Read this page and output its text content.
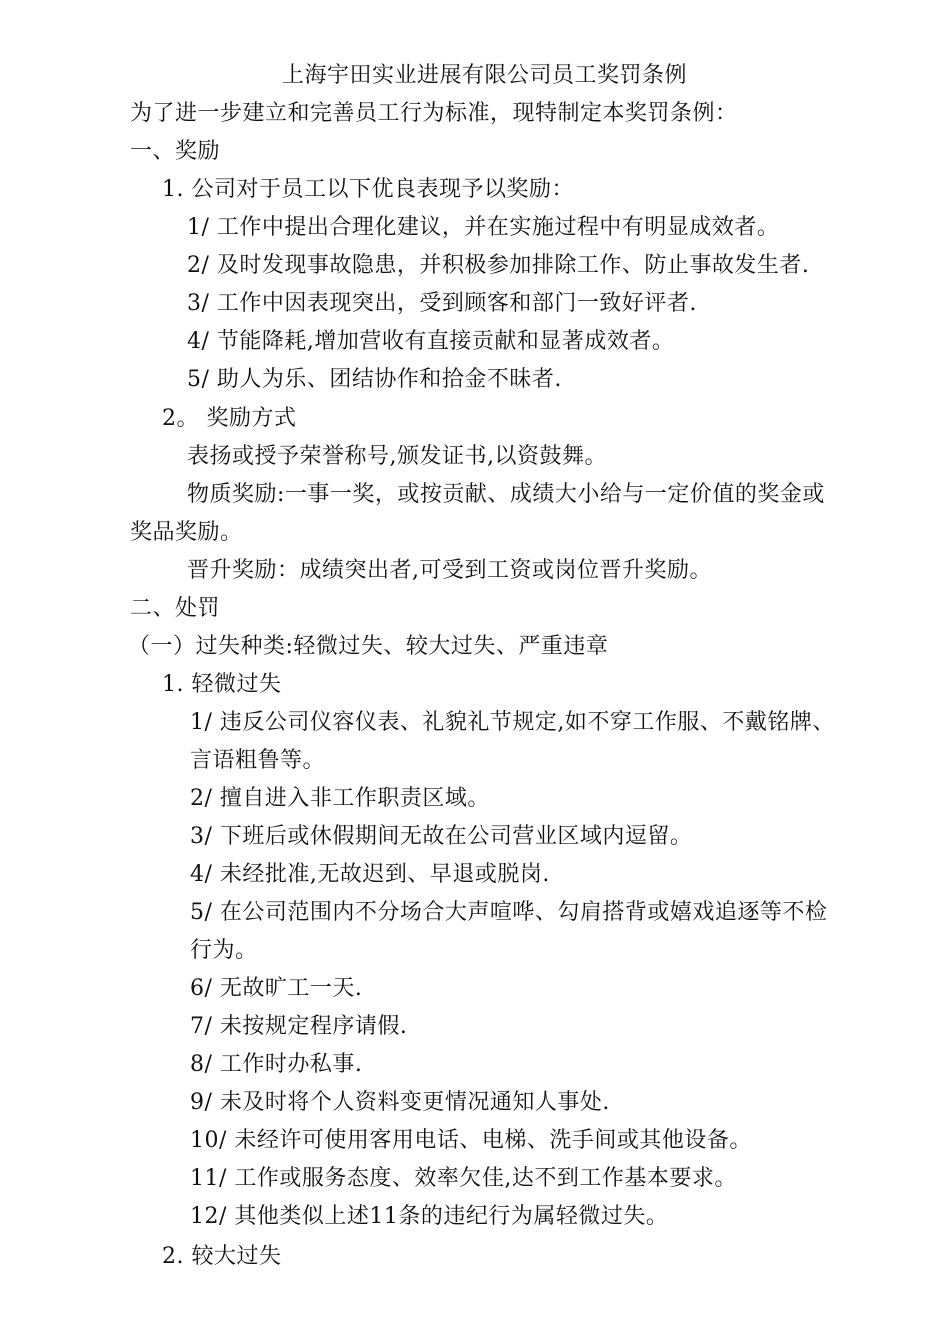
上海宇田实业进展有限公司员工奖罚条例
为了进一步建立和完善员工行为标准，现特制定本奖罚条例：
一、奖励
1. 公司对于员工以下优良表现予以奖励：
1/ 工作中提出合理化建议，并在实施过程中有明显成效者。
2/ 及时发现事故隐患，并积极参加排除工作、防止事故发生者.
3/ 工作中因表现突出，受到顾客和部门一致好评者.
4/ 节能降耗,增加营收有直接贡献和显著成效者。
5/ 助人为乐、团结协作和拾金不昧者.
2。 奖励方式
表扬或授予荣誉称号,颁发证书,以资鼓舞。
物质奖励:一事一奖，或按贡献、成绩大小给与一定价值的奖金或
奖品奖励。
晋升奖励：成绩突出者,可受到工资或岗位晋升奖励。
二、处罚
（一）过失种类:轻微过失、较大过失、严重违章
1. 轻微过失
1/ 违反公司仪容仪表、礼貌礼节规定,如不穿工作服、不戴铭牌、
言语粗鲁等。
2/ 擅自进入非工作职责区域。
3/ 下班后或休假期间无故在公司营业区域内逗留。
4/ 未经批准,无故迟到、早退或脱岗.
5/ 在公司范围内不分场合大声喧哗、勾肩搭背或嬉戏追逐等不检
行为。
6/ 无故旷工一天.
7/ 未按规定程序请假.
8/ 工作时办私事.
9/ 未及时将个人资料变更情况通知人事处.
10/ 未经许可使用客用电话、电梯、洗手间或其他设备。
11/ 工作或服务态度、效率欠佳,达不到工作基本要求。
12/ 其他类似上述11条的违纪行为属轻微过失。
2. 较大过失
